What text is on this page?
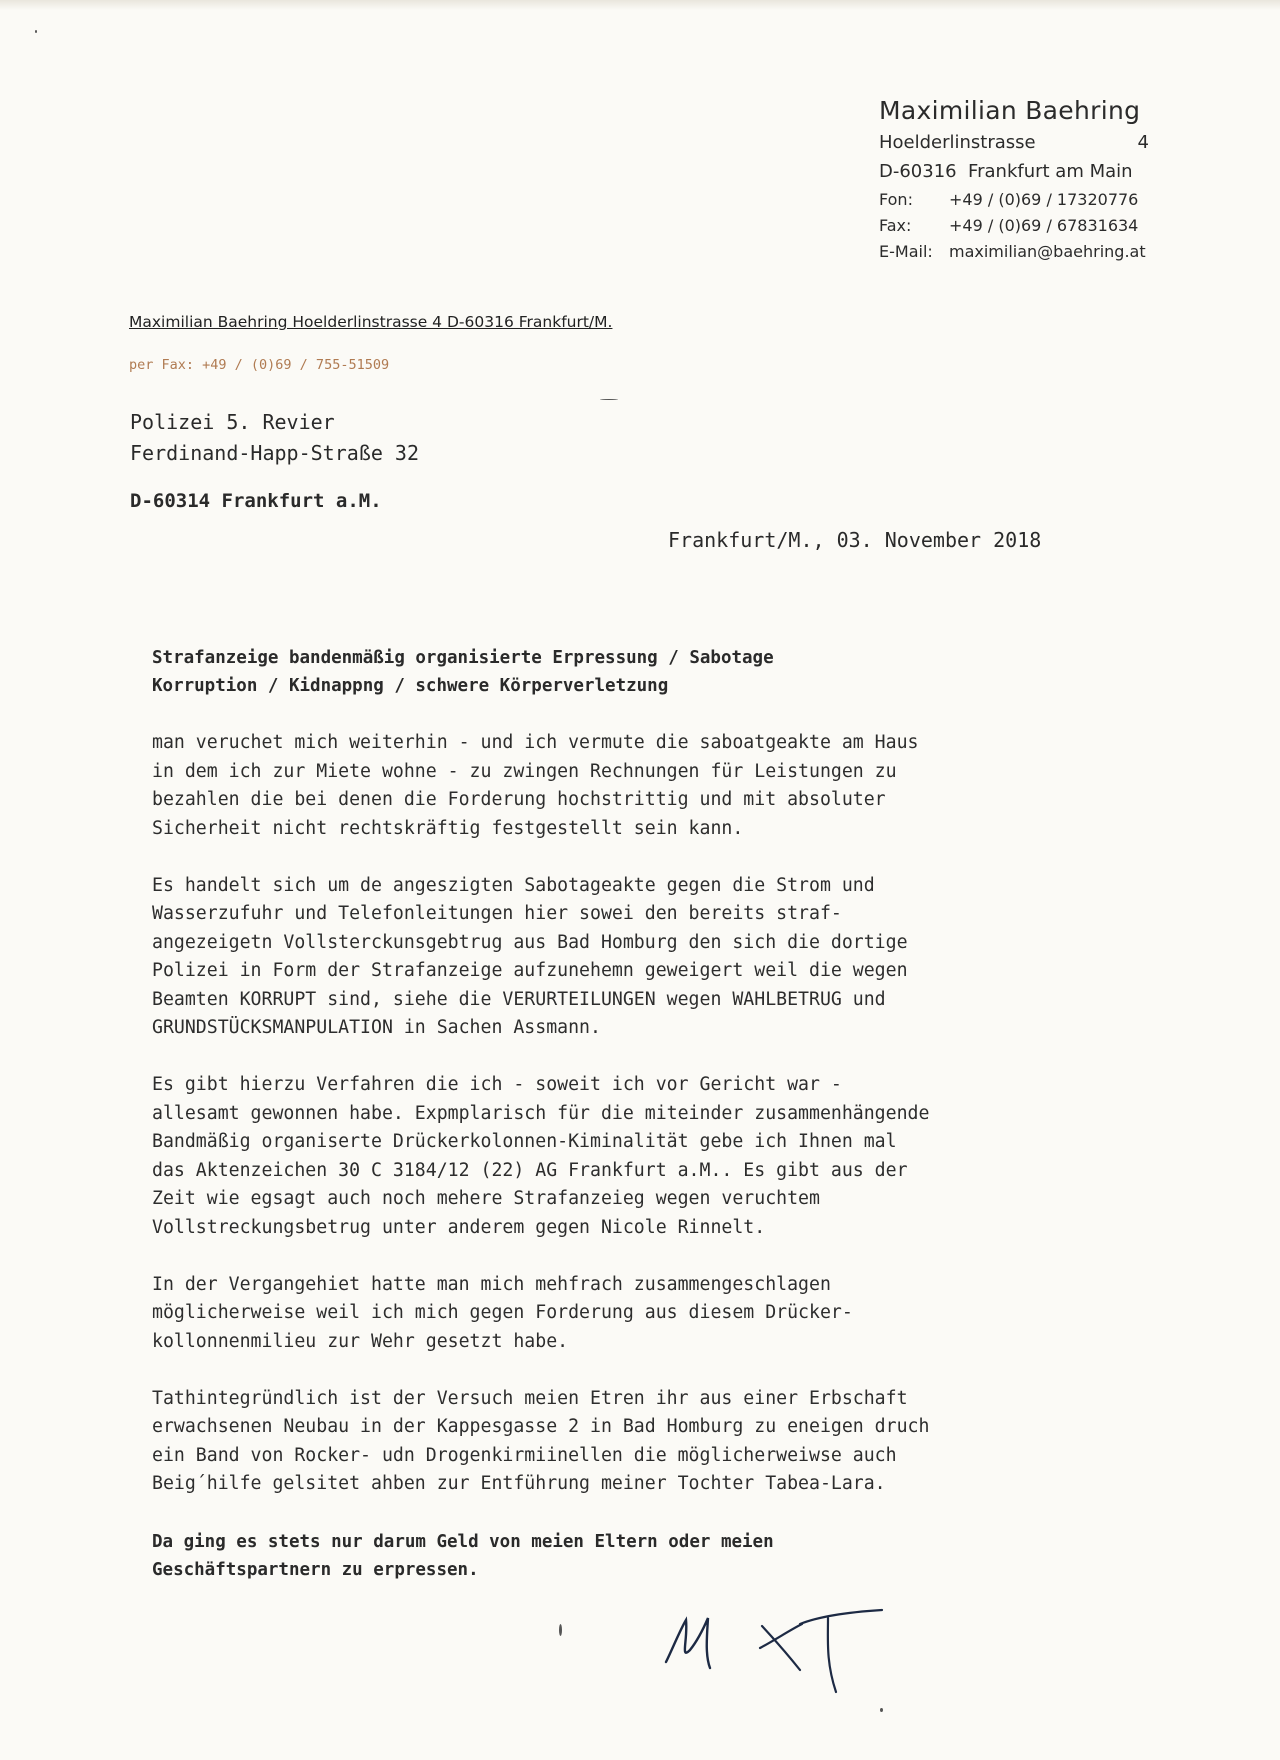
Maximilian Baehring
Hoelderlinstrasse	4
D-60316  Frankfurt am Main
Fon:	+49 / (0)69 / 17320776
Fax:	+49 / (0)69 / 67831634
E-Mail:	maximilian@baehring.at
Maximilian Baehring Hoelderlinstrasse 4 D-60316 Frankfurt/M.
per Fax: +49 / (0)69 / 755-51509
Polizei 5. Revier
Ferdinand-Happ-Straße 32
D-60314 Frankfurt a.M.
Frankfurt/M., 03. November 2018
Strafanzeige bandenmäßig organisierte Erpressung / Sabotage
Korruption / Kidnappng / schwere Körperverletzung
man veruchet mich weiterhin - und ich vermute die saboatgeakte am Haus
in dem ich zur Miete wohne - zu zwingen Rechnungen für Leistungen zu
bezahlen die bei denen die Forderung hochstrittig und mit absoluter
Sicherheit nicht rechtskräftig festgestellt sein kann.
Es handelt sich um de angeszigten Sabotageakte gegen die Strom und
Wasserzufuhr und Telefonleitungen hier sowei den bereits straf-
angezeigetn Vollsterckunsgebtrug aus Bad Homburg den sich die dortige
Polizei in Form der Strafanzeige aufzunehemn geweigert weil die wegen
Beamten KORRUPT sind, siehe die VERURTEILUNGEN wegen WAHLBETRUG und
GRUNDSTÜCKSMANPULATION in Sachen Assmann.
Es gibt hierzu Verfahren die ich - soweit ich vor Gericht war -
allesamt gewonnen habe. Expmplarisch für die miteinder zusammenhängende
Bandmäßig organiserte Drückerkolonnen-Kiminalität gebe ich Ihnen mal
das Aktenzeichen 30 C 3184/12 (22) AG Frankfurt a.M.. Es gibt aus der
Zeit wie egsagt auch noch mehere Strafanzeieg wegen veruchtem
Vollstreckungsbetrug unter anderem gegen Nicole Rinnelt.
In der Vergangehiet hatte man mich mehfrach zusammengeschlagen
möglicherweise weil ich mich gegen Forderung aus diesem Drücker-
kollonnenmilieu zur Wehr gesetzt habe.
Tathintegründlich ist der Versuch meien Etren ihr aus einer Erbschaft
erwachsenen Neubau in der Kappesgasse 2 in Bad Homburg zu eneigen druch
ein Band von Rocker- udn Drogenkirmiinellen die möglicherweiwse auch
Beig´hilfe gelsitet ahben zur Entführung meiner Tochter Tabea-Lara.
Da ging es stets nur darum Geld von meien Eltern oder meien
Geschäftspartnern zu erpressen.
